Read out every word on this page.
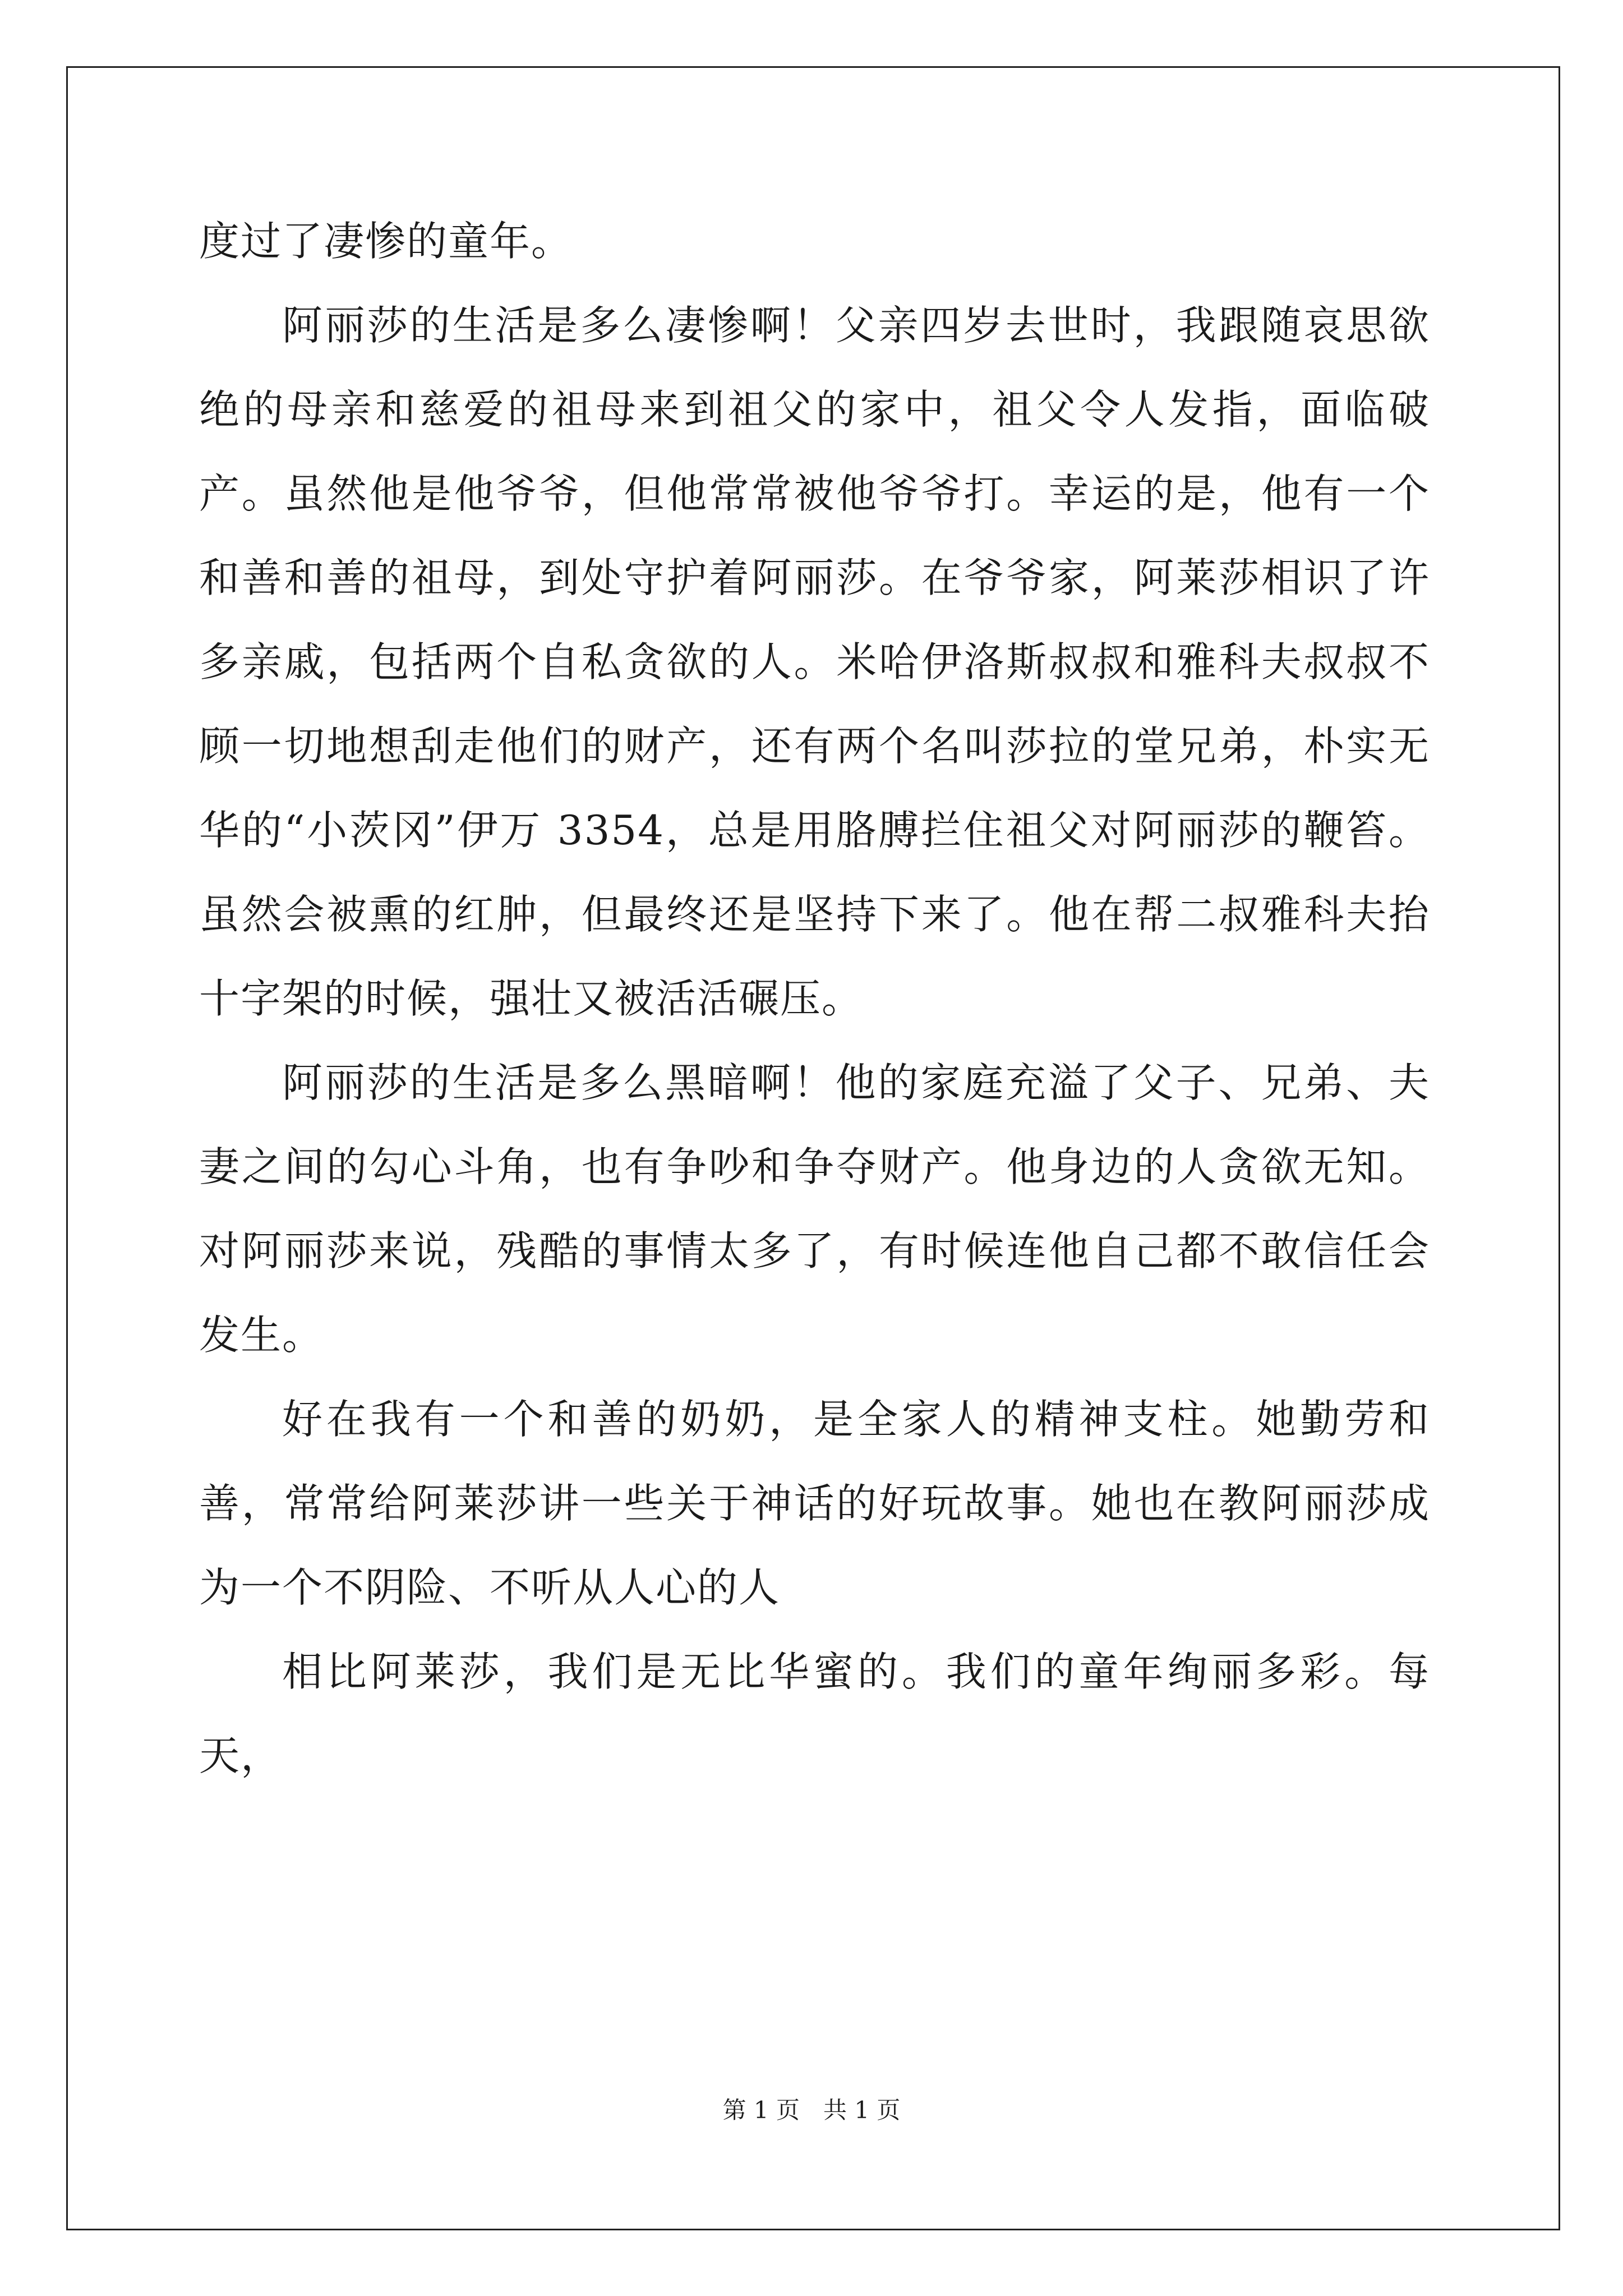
度过了凄惨的童年。

阿丽莎的生活是多么凄惨啊！父亲四岁去世时，我跟随哀思欲绝的母亲和慈爱的祖母来到祖父的家中，祖父令人发指，面临破产。虽然他是他爷爷，但他常常被他爷爷打。幸运的是，他有一个和善和善的祖母，到处守护着阿丽莎。在爷爷家，阿莱莎相识了许多亲戚，包括两个自私贪欲的人。米哈伊洛斯叔叔和雅科夫叔叔不顾一切地想刮走他们的财产，还有两个名叫莎拉的堂兄弟，朴实无华的“小茨冈”伊万 3354，总是用胳膊拦住祖父对阿丽莎的鞭笞。虽然会被熏的红肿，但最终还是坚持下来了。他在帮二叔雅科夫抬十字架的时候，强壮又被活活碾压。

阿丽莎的生活是多么黑暗啊！他的家庭充溢了父子、兄弟、夫妻之间的勾心斗角，也有争吵和争夺财产。他身边的人贪欲无知。对阿丽莎来说，残酷的事情太多了，有时候连他自己都不敢信任会发生。

好在我有一个和善的奶奶，是全家人的精神支柱。她勤劳和善，常常给阿莱莎讲一些关于神话的好玩故事。她也在教阿丽莎成为一个不阴险、不听从人心的人

相比阿莱莎，我们是无比华蜜的。我们的童年绚丽多彩。每天，

第 1 页　共 1 页
